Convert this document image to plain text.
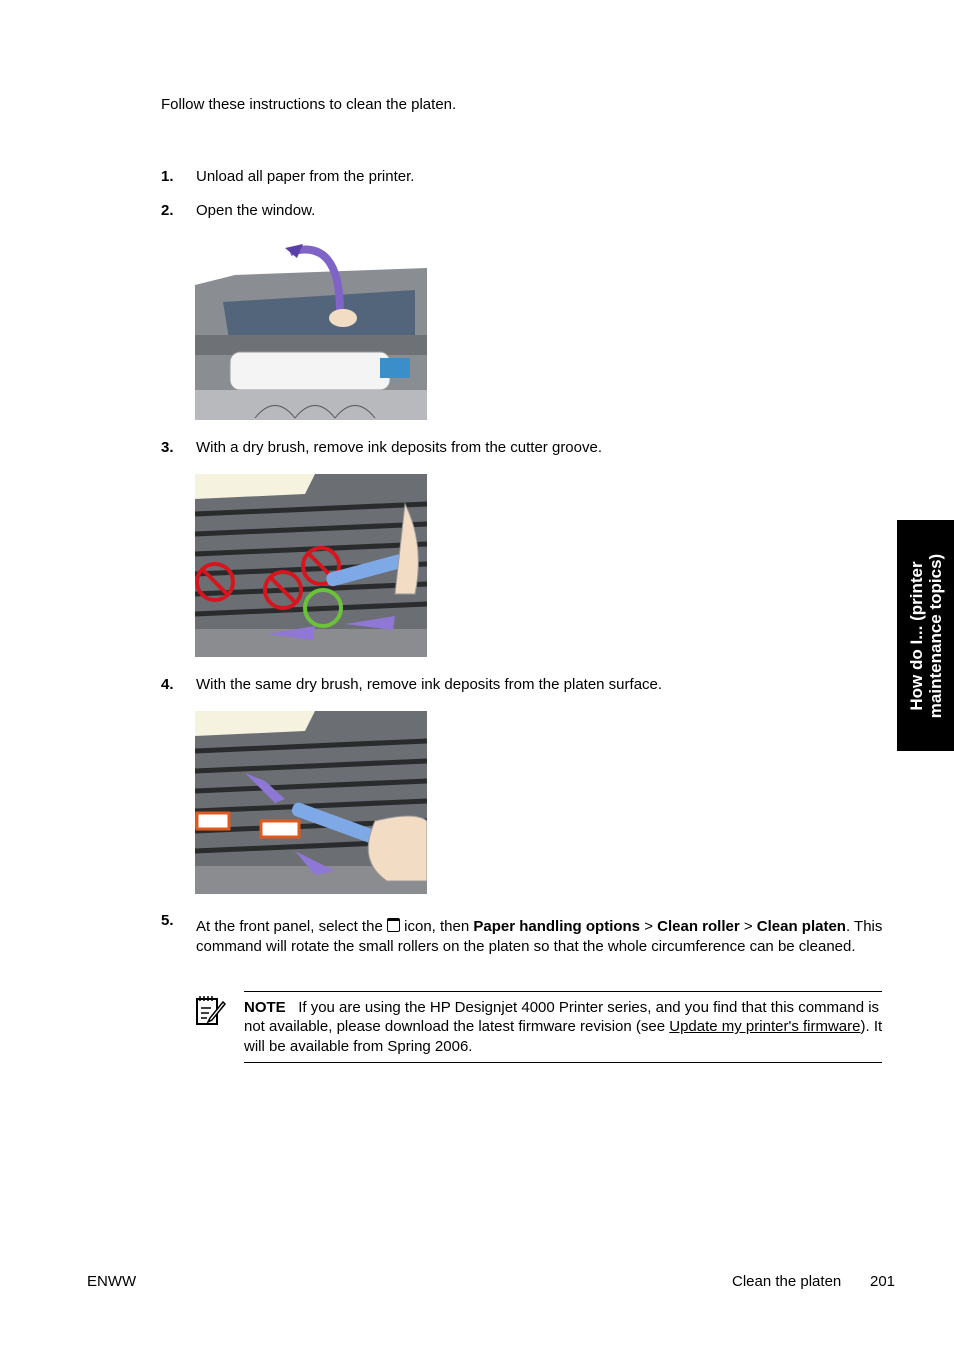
Follow these instructions to clean the platen.
1. Unload all paper from the printer.
2. Open the window.
3. With a dry brush, remove ink deposits from the cutter groove.
4. With the same dry brush, remove ink deposits from the platen surface.
5. At the front panel, select the icon, then Paper handling options > Clean roller > Clean platen. This command will rotate the small rollers on the platen so that the whole circumference can be cleaned.
NOTE If you are using the HP Designjet 4000 Printer series, and you find that this command is not available, please download the latest firmware revision (see Update my printer's firmware). It will be available from Spring 2006.
How do I... (printer maintenance topics)
ENWW	Clean the platen 201
